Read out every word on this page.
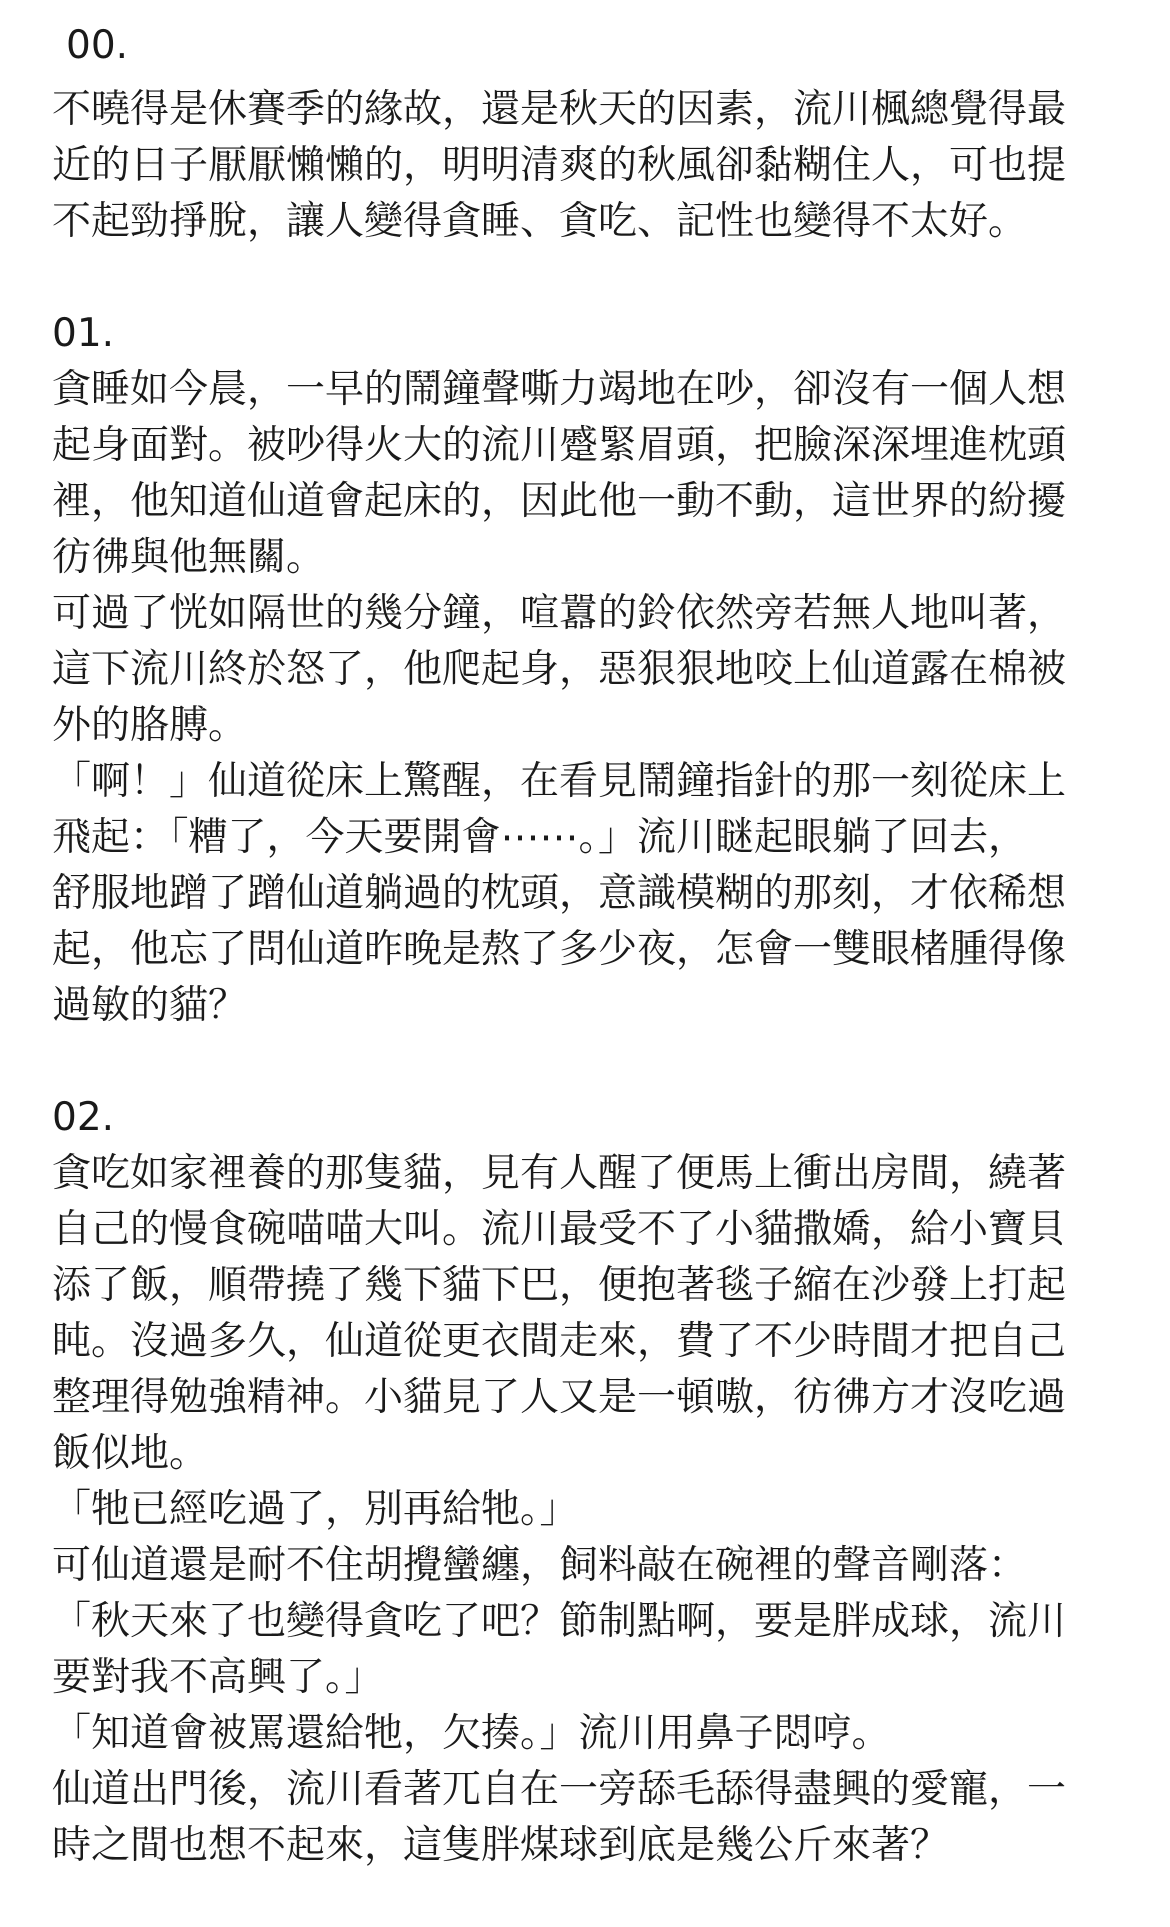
00.

不曉得是休賽季的緣故，還是秋天的因素，流川楓總覺得最

近的日子厭厭懶懶的，明明清爽的秋風卻黏糊住人，可也提

不起勁掙脫，讓人變得貪睡、貪吃、記性也變得不太好。

01.

貪睡如今晨，一早的鬧鐘聲嘶力竭地在吵，卻沒有一個人想

起身面對。被吵得火大的流川蹙緊眉頭，把臉深深埋進枕頭

裡，他知道仙道會起床的，因此他一動不動，這世界的紛擾

彷彿與他無關。

可過了恍如隔世的幾分鐘，喧囂的鈴依然旁若無人地叫著，

這下流川終於怒了，他爬起身，惡狠狠地咬上仙道露在棉被

外的胳膊。

「啊！」仙道從床上驚醒，在看見鬧鐘指針的那一刻從床上

飛起：「糟了，今天要開會⋯⋯。」流川瞇起眼躺了回去，

舒服地蹭了蹭仙道躺過的枕頭，意識模糊的那刻，才依稀想

起，他忘了問仙道昨晚是熬了多少夜，怎會一雙眼楮腫得像

過敏的貓？

02.

貪吃如家裡養的那隻貓，見有人醒了便馬上衝出房間，繞著

自己的慢食碗喵喵大叫。流川最受不了小貓撒嬌，給小寶貝

添了飯，順帶撓了幾下貓下巴，便抱著毯子縮在沙發上打起

盹。沒過多久，仙道從更衣間走來，費了不少時間才把自己

整理得勉強精神。小貓見了人又是一頓嗷，彷彿方才沒吃過

飯似地。

「牠已經吃過了，別再給牠。」

可仙道還是耐不住胡攪蠻纏，飼料敲在碗裡的聲音剛落：

「秋天來了也變得貪吃了吧？節制點啊，要是胖成球，流川

要對我不高興了。」

「知道會被罵還給牠，欠揍。」流川用鼻子悶哼。

仙道出門後，流川看著兀自在一旁舔毛舔得盡興的愛寵，一

時之間也想不起來，這隻胖煤球到底是幾公斤來著？
